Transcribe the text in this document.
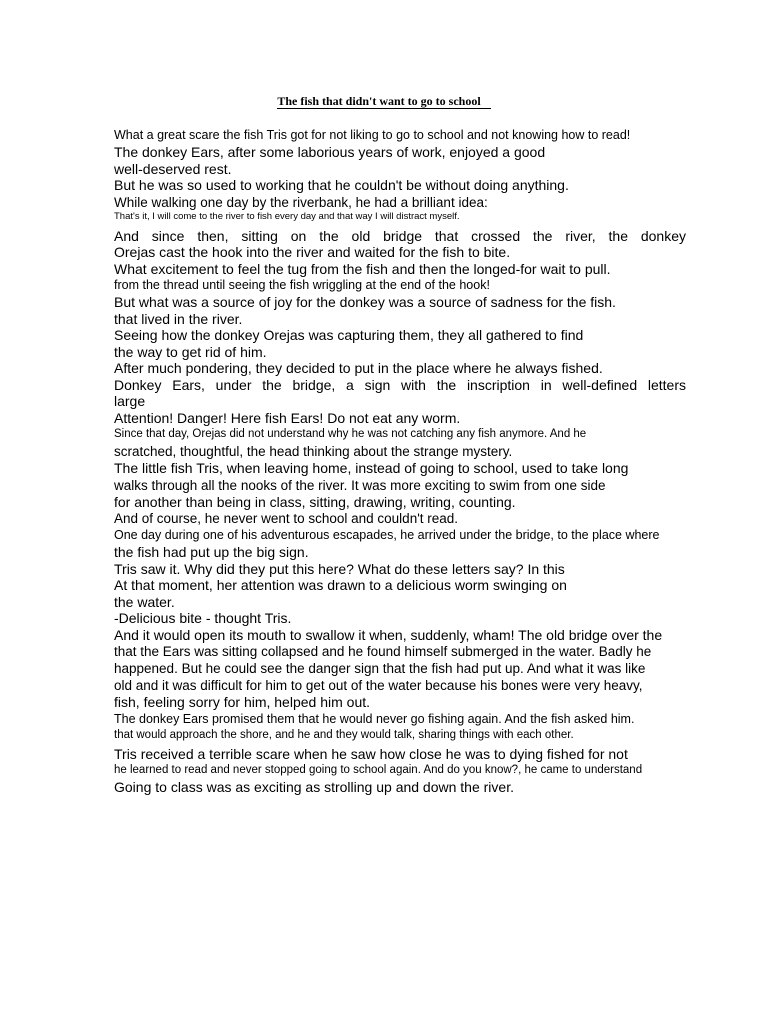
The fish that didn't want to go to school
What a great scare the fish Tris got for not liking to go to school and not knowing how to read!
The donkey Ears, after some laborious years of work, enjoyed a good
well-deserved rest.
But he was so used to working that he couldn't be without doing anything.
While walking one day by the riverbank, he had a brilliant idea:
That's it, I will come to the river to fish every day and that way I will distract myself.
And since then, sitting on the old bridge that crossed the river, the donkey
Orejas cast the hook into the river and waited for the fish to bite.
What excitement to feel the tug from the fish and then the longed-for wait to pull.
from the thread until seeing the fish wriggling at the end of the hook!
But what was a source of joy for the donkey was a source of sadness for the fish.
that lived in the river.
Seeing how the donkey Orejas was capturing them, they all gathered to find
the way to get rid of him.
After much pondering, they decided to put in the place where he always fished.
Donkey Ears, under the bridge, a sign with the inscription in well-defined letters
large
Attention! Danger! Here fish Ears! Do not eat any worm.
Since that day, Orejas did not understand why he was not catching any fish anymore. And he
scratched, thoughtful, the head thinking about the strange mystery.
The little fish Tris, when leaving home, instead of going to school, used to take long
walks through all the nooks of the river. It was more exciting to swim from one side
for another than being in class, sitting, drawing, writing, counting.
And of course, he never went to school and couldn't read.
One day during one of his adventurous escapades, he arrived under the bridge, to the place where
the fish had put up the big sign.
Tris saw it. Why did they put this here? What do these letters say? In this
At that moment, her attention was drawn to a delicious worm swinging on
the water.
-Delicious bite - thought Tris.
And it would open its mouth to swallow it when, suddenly, wham! The old bridge over the
that the Ears was sitting collapsed and he found himself submerged in the water. Badly he
happened. But he could see the danger sign that the fish had put up. And what it was like
old and it was difficult for him to get out of the water because his bones were very heavy,
fish, feeling sorry for him, helped him out.
The donkey Ears promised them that he would never go fishing again. And the fish asked him.
that would approach the shore, and he and they would talk, sharing things with each other.
Tris received a terrible scare when he saw how close he was to dying fished for not
he learned to read and never stopped going to school again. And do you know?, he came to understand
Going to class was as exciting as strolling up and down the river.
